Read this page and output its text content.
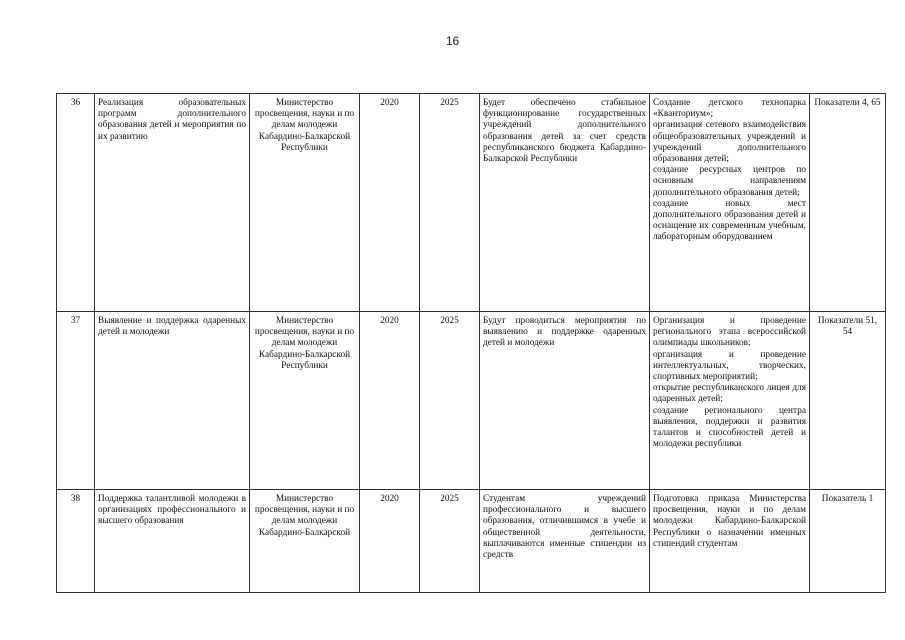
16
36	Реализация образовательных программ дополнительного образования детей и мероприятия по их развитию	Министерство просвещения, науки и по делам молодежи Кабардино-Балкарской Республики	2020	2025	Будет обеспечено стабильное функционирование государственных учреждений дополнительного образования детей за счет средств республиканского бюджета Кабардино-Балкарской Республики	Создание детского технопарка «Кванториум»;
организация сетевого взаимодействия общеобразовательных учреждений и учреждений дополнительного образования детей;
создание ресурсных центров по основным направлениям дополнительного образования детей;
создание новых мест дополнительного образования детей и оснащение их современным учебным, лабораторным оборудованием	Показатели 4, 65
37	Выявление и поддержка одаренных детей и молодежи	Министерство просвещения, науки и по делам молодежи Кабардино-Балкарской Республики	2020	2025	Будут проводиться мероприятия по выявлению и поддержке одаренных детей и молодежи	Организация и проведение регионального этапа всероссийской олимпиады школьников;
организация и проведение интеллектуальных, творческих, спортивных мероприятий;
открытие республиканского лицея для одаренных детей;
создание регионального центра выявления, поддержки и развития талантов и способностей детей и молодежи республики	Показатели 51, 54
38	Поддержка талантливой молодежи в организациях профессионального и высшего образования	Министерство просвещения, науки и по делам молодежи Кабардино-Балкарской	2020	2025	Студентам учреждений профессионального и высшего образования, отличившимся в учебе и общественной деятельности, выплачиваются именные стипендии из средств	Подготовка приказа Министерства просвещения, науки и по делам молодежи Кабардино-Балкарской Республики о назначении именных стипендий студентам	Показатель 1
